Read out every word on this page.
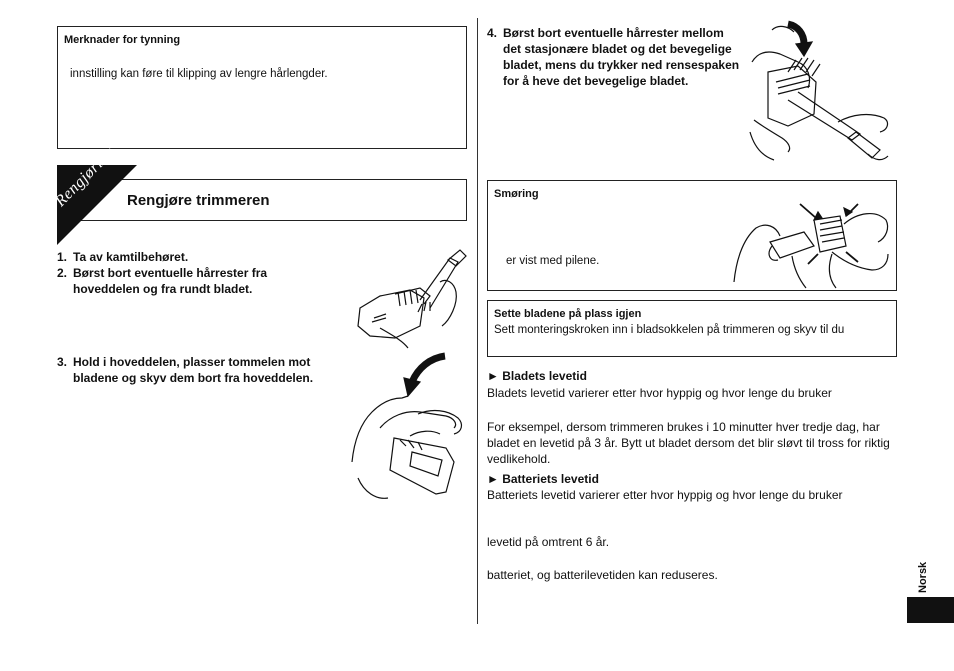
Merknader for tynning
innstilling kan føre til klipping av lengre hårlengder.
Rengjøring Rengjøre trimmeren
1. Ta av kamtilbehøret.
2. Børst bort eventuelle hårrester fra hoveddelen og fra rundt bladet.
3. Hold i hoveddelen, plasser tommelen mot bladene og skyv dem bort fra hoveddelen.
4. Børst bort eventuelle hårrester mellom det stasjonære bladet og det bevegelige bladet, mens du trykker ned rensespaken for å heve det bevegelige bladet.
Smøring
er vist med pilene.
Sette bladene på plass igjen
Sett monteringskroken inn i bladsokkelen på trimmeren og skyv til du
► Bladets levetid
Bladets levetid varierer etter hvor hyppig og hvor lenge du bruker
For eksempel, dersom trimmeren brukes i 10 minutter hver tredje dag, har bladet en levetid på 3 år. Bytt ut bladet dersom det blir sløvt til tross for riktig vedlikehold.
► Batteriets levetid
Batteriets levetid varierer etter hvor hyppig og hvor lenge du bruker
levetid på omtrent 6 år.
batteriet, og batterilevetiden kan reduseres.	Norsk
